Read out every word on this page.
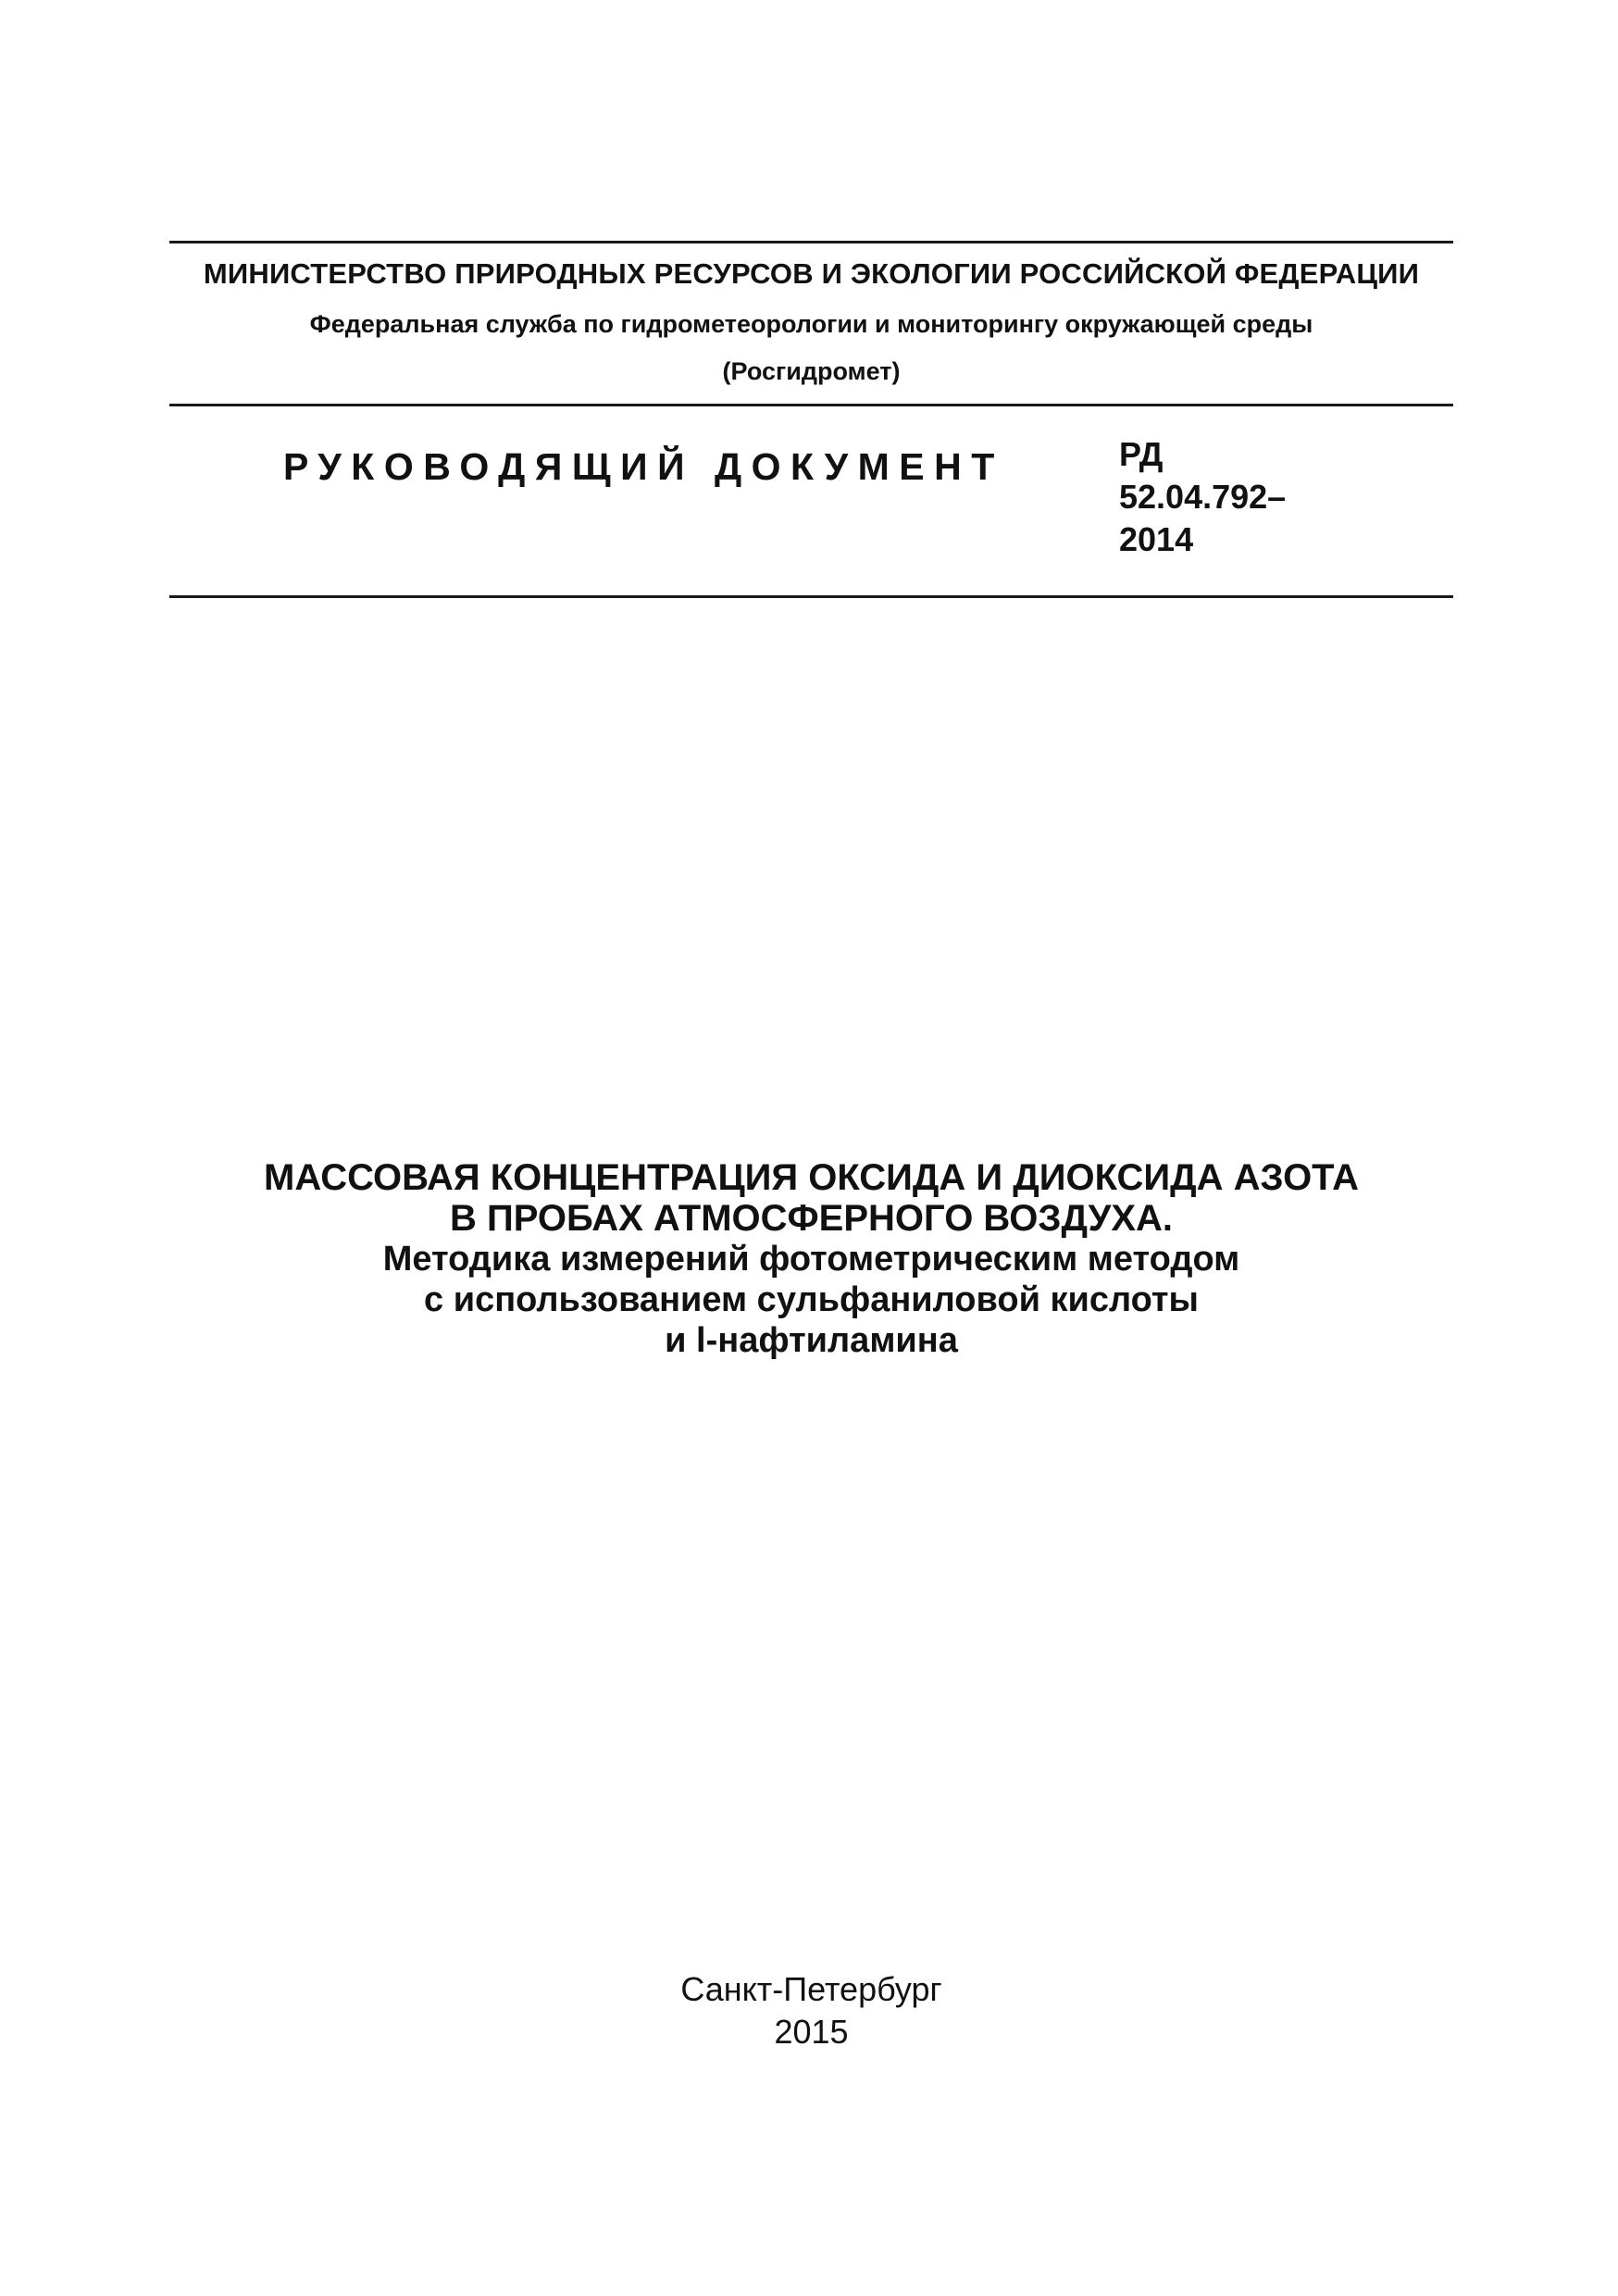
МИНИСТЕРСТВО ПРИРОДНЫХ РЕСУРСОВ И ЭКОЛОГИИ РОССИЙСКОЙ ФЕДЕРАЦИИ
Федеральная служба по гидрометеорологии и мониторингу окружающей среды
(Росгидромет)
РУКОВОДЯЩИЙ ДОКУМЕНТ	РД
52.04.792–
2014
МАССОВАЯ КОНЦЕНТРАЦИЯ ОКСИДА И ДИОКСИДА АЗОТА
В ПРОБАХ АТМОСФЕРНОГО ВОЗДУХА.
Методика измерений фотометрическим методом
с использованием сульфаниловой кислоты
и l-нафтиламина
Санкт-Петербург
2015
